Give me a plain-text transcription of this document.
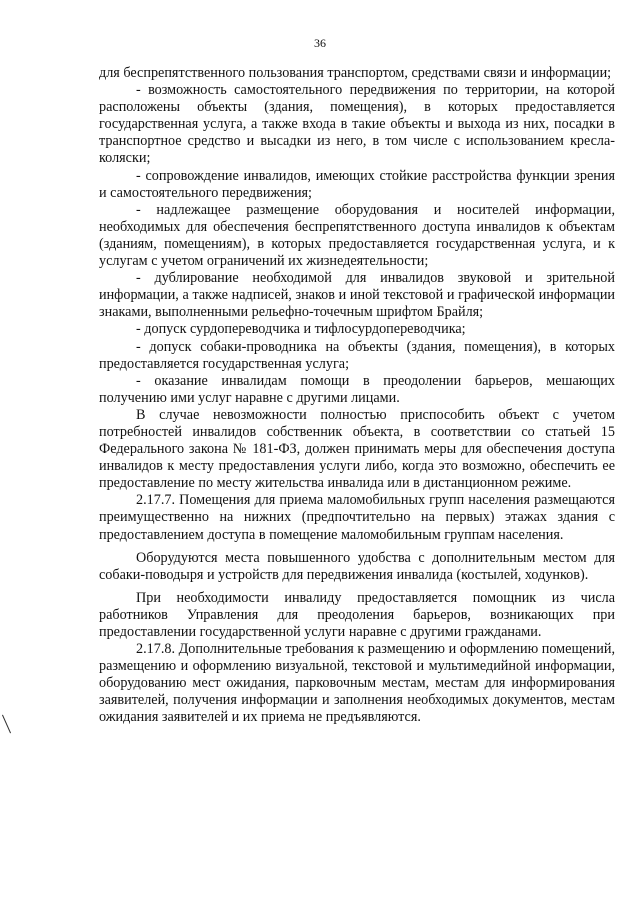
36

для беспрепятственного пользования транспортом, средствами связи и информации;

- возможность самостоятельного передвижения по территории, на которой расположены объекты (здания, помещения), в которых предоставляется государственная услуга, а также входа в такие объекты и выхода из них, посадки в транспортное средство и высадки из него, в том числе с использованием кресла-коляски;

- сопровождение инвалидов, имеющих стойкие расстройства функции зрения и самостоятельного передвижения;

- надлежащее размещение оборудования и носителей информации, необходимых для обеспечения беспрепятственного доступа инвалидов к объектам (зданиям, помещениям), в которых предоставляется государственная услуга, и к услугам с учетом ограничений их жизнедеятельности;

- дублирование необходимой для инвалидов звуковой и зрительной информации, а также надписей, знаков и иной текстовой и графической информации знаками, выполненными рельефно-точечным шрифтом Брайля;

- допуск сурдопереводчика и тифлосурдопереводчика;

- допуск собаки-проводника на объекты (здания, помещения), в которых предоставляется государственная услуга;

- оказание инвалидам помощи в преодолении барьеров, мешающих получению ими услуг наравне с другими лицами.

В случае невозможности полностью приспособить объект с учетом потребностей инвалидов собственник объекта, в соответствии со статьей 15 Федерального закона № 181-ФЗ, должен принимать меры для обеспечения доступа инвалидов к месту предоставления услуги либо, когда это возможно, обеспечить ее предоставление по месту жительства инвалида или в дистанционном режиме.

2.17.7. Помещения для приема маломобильных групп населения размещаются преимущественно на нижних (предпочтительно на первых) этажах здания с предоставлением доступа в помещение маломобильным группам населения.

Оборудуются места повышенного удобства с дополнительным местом для собаки-поводыря и устройств для передвижения инвалида (костылей, ходунков).

При необходимости инвалиду предоставляется помощник из числа работников Управления для преодоления барьеров, возникающих при предоставлении государственной услуги наравне с другими гражданами.

2.17.8. Дополнительные требования к размещению и оформлению помещений, размещению и оформлению визуальной, текстовой и мультимедийной информации, оборудованию мест ожидания, парковочным местам, местам для информирования заявителей, получения информации и заполнения необходимых документов, местам ожидания заявителей и их приема не предъявляются.
